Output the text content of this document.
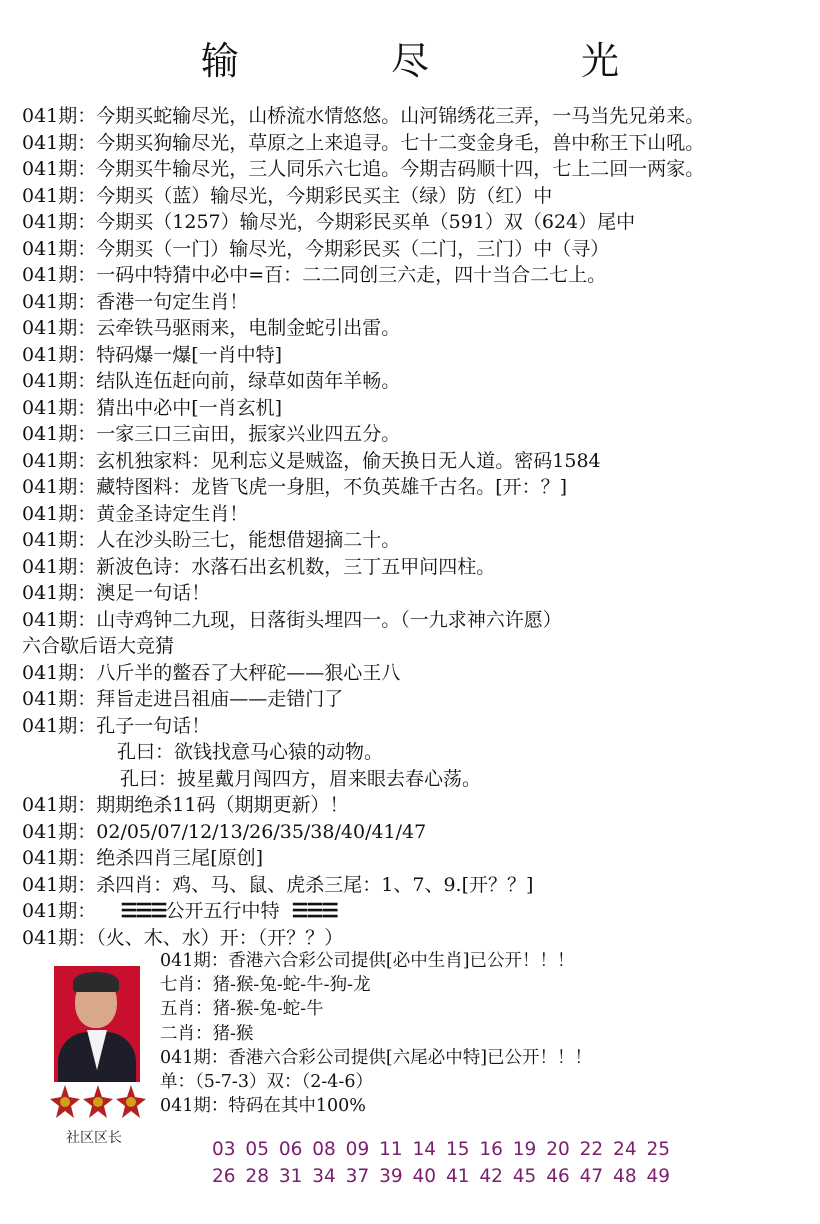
输 尽 光
041期：今期买蛇输尽光，山桥流水情悠悠。山河锦绣花三弄，一马当先兄弟来。
041期：今期买狗输尽光，草原之上来追寻。七十二变金身毛，兽中称王下山吼。
041期：今期买牛输尽光，三人同乐六七追。今期吉码顺十四，七上二回一两家。
041期：今期买（蓝）输尽光，今期彩民买主（绿）防（红）中
041期：今期买（1257）输尽光，今期彩民买单（591）双（624）尾中
041期：今期买（一门）输尽光，今期彩民买（二门，三门）中（寻）
041期：一码中特猜中必中=百：二二同创三六走，四十当合二七上。
041期：香港一句定生肖！
041期：云牵铁马驱雨来，电制金蛇引出雷。
041期：特码爆一爆[一肖中特]
041期：结队连伍赶向前，绿草如茵年羊畅。
041期：猜出中必中[一肖玄机]
041期：一家三口三亩田，振家兴业四五分。
041期：玄机独家料：见利忘义是贼盗，偷天换日无人道。密码1584
041期：藏特图料：龙皆飞虎一身胆，不负英雄千古名。[开：？]
041期：黄金圣诗定生肖！
041期：人在沙头盼三七，能想借翅摘二十。
041期：新波色诗：水落石出玄机数，三丁五甲问四柱。
041期：澳足一句话！
041期：山寺鸡钟二九现，日落街头埋四一。（一九求神六许愿）
六合歇后语大竞猜
041期：八斤半的鳖吞了大秤砣——狠心王八
041期：拜旨走进吕祖庙——走错门了
041期：孔子一句话！
孔曰：欲钱找意马心猿的动物。
孔曰：披星戴月闯四方，眉来眼去春心荡。
041期：期期绝杀11码（期期更新）！
041期：02/05/07/12/13/26/35/38/40/41/47
041期：绝杀四肖三尾[原创]
041期：杀四肖：鸡、马、鼠、虎杀三尾：1、7、9.[开？？]
041期： ☰☰☰公开五行中特 ☰☰☰
041期：（火、木、水）开：（开？？）
社区区长
041期：香港六合彩公司提供[必中生肖]已公开！！！
七肖：猪-猴-兔-蛇-牛-狗-龙
五肖：猪-猴-兔-蛇-牛
二肖：猪-猴
041期：香港六合彩公司提供[六尾必中特]已公开！！！
单：（5-7-3）双：（2-4-6）
041期：特码在其中100%
03 05 06 08 09 11 14 15 16 19 20 22 24 25
26 28 31 34 37 39 40 41 42 45 46 47 48 49
